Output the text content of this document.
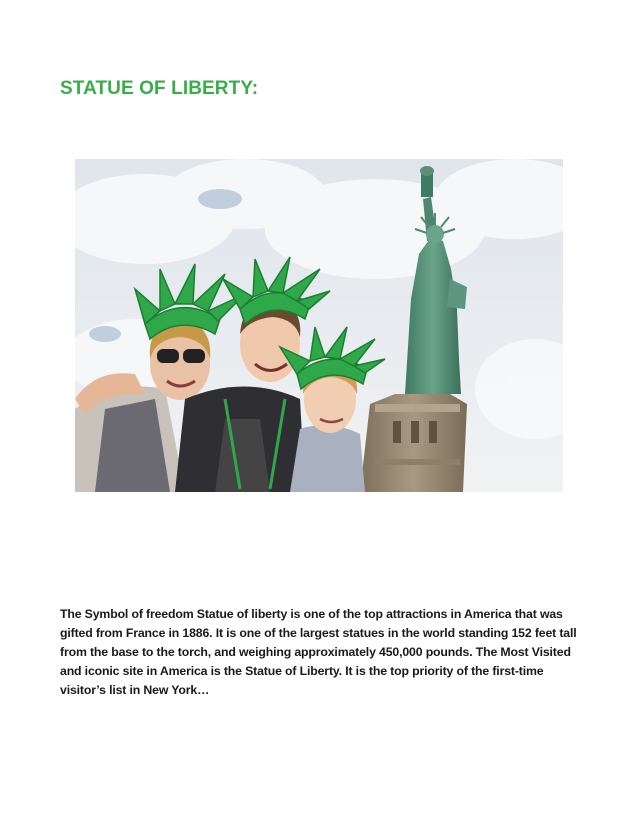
STATUE OF LIBERTY:

The Symbol of freedom Statue of liberty is one of the top attractions in America that was gifted from France in 1886. It is one of the largest statues in the world standing 152 feet tall from the base to the torch, and weighing approximately 450,000 pounds. The Most Visited and iconic site in America is the Statue of Liberty. It is the top priority of the first-time visitor’s list in New York…
